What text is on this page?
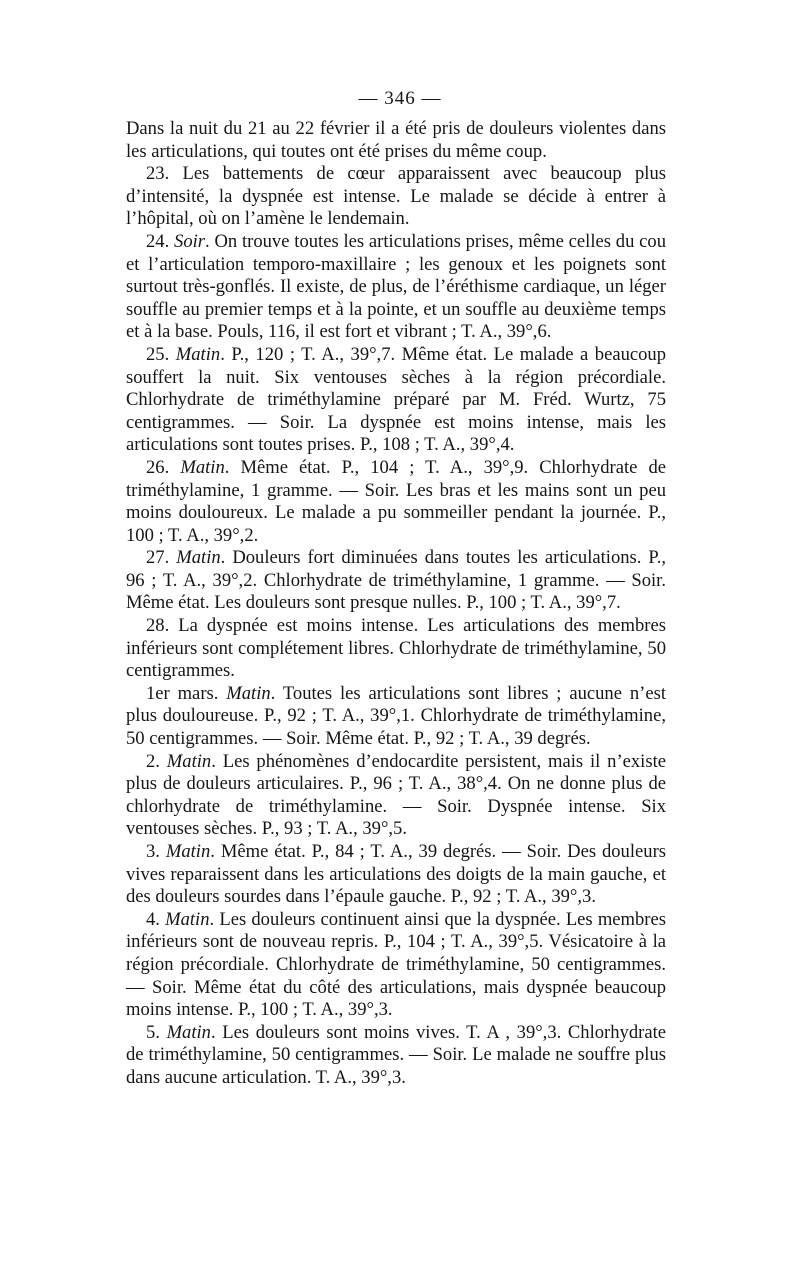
— 346 —

Dans la nuit du 21 au 22 février il a été pris de douleurs violentes dans les articulations, qui toutes ont été prises du même coup.

23. Les battements de cœur apparaissent avec beaucoup plus d’intensité, la dyspnée est intense. Le malade se décide à entrer à l’hôpital, où on l’amène le lendemain.

24. Soir. On trouve toutes les articulations prises, même celles du cou et l’articulation temporo-maxillaire ; les genoux et les poignets sont surtout très-gonflés. Il existe, de plus, de l’éréthisme cardiaque, un léger souffle au premier temps et à la pointe, et un souffle au deuxième temps et à la base. Pouls, 116, il est fort et vibrant ; T. A., 39°,6.

25. Matin. P., 120 ; T. A., 39°,7. Même état. Le malade a beaucoup souffert la nuit. Six ventouses sèches à la région précordiale. Chlorhydrate de triméthylamine préparé par M. Fréd. Wurtz, 75 centigrammes. — Soir. La dyspnée est moins intense, mais les articulations sont toutes prises. P., 108 ; T. A., 39°,4.

26. Matin. Même état. P., 104 ; T. A., 39°,9. Chlorhydrate de triméthylamine, 1 gramme. — Soir. Les bras et les mains sont un peu moins douloureux. Le malade a pu sommeiller pendant la journée. P., 100 ; T. A., 39°,2.

27. Matin. Douleurs fort diminuées dans toutes les articulations. P., 96 ; T. A., 39°,2. Chlorhydrate de triméthylamine, 1 gramme. — Soir. Même état. Les douleurs sont presque nulles. P., 100 ; T. A., 39°,7.

28. La dyspnée est moins intense. Les articulations des membres inférieurs sont complétement libres. Chlorhydrate de triméthylamine, 50 centigrammes.

1er mars. Matin. Toutes les articulations sont libres ; aucune n’est plus douloureuse. P., 92 ; T. A., 39°,1. Chlorhydrate de triméthylamine, 50 centigrammes. — Soir. Même état. P., 92 ; T. A., 39 degrés.

2. Matin. Les phénomènes d’endocardite persistent, mais il n’existe plus de douleurs articulaires. P., 96 ; T. A., 38°,4. On ne donne plus de chlorhydrate de triméthylamine. — Soir. Dyspnée intense. Six ventouses sèches. P., 93 ; T. A., 39°,5.

3. Matin. Même état. P., 84 ; T. A., 39 degrés. — Soir. Des douleurs vives reparaissent dans les articulations des doigts de la main gauche, et des douleurs sourdes dans l’épaule gauche. P., 92 ; T. A., 39°,3.

4. Matin. Les douleurs continuent ainsi que la dyspnée. Les membres inférieurs sont de nouveau repris. P., 104 ; T. A., 39°,5. Vésicatoire à la région précordiale. Chlorhydrate de triméthylamine, 50 centigrammes. — Soir. Même état du côté des articulations, mais dyspnée beaucoup moins intense. P., 100 ; T. A., 39°,3.

5. Matin. Les douleurs sont moins vives. T. A , 39°,3. Chlorhydrate de triméthylamine, 50 centigrammes. — Soir. Le malade ne souffre plus dans aucune articulation. T. A., 39°,3.
